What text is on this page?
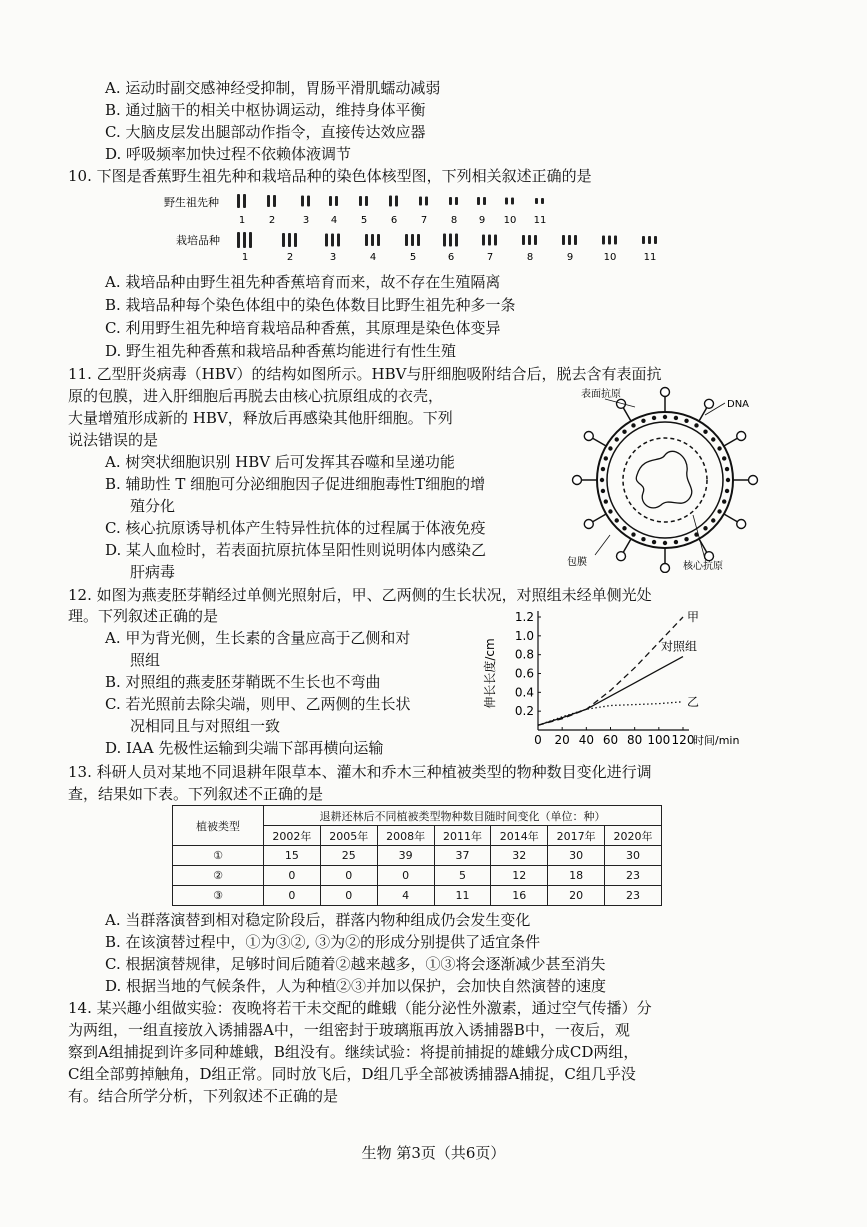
A. 运动时副交感神经受抑制，胃肠平滑肌蠕动减弱
B. 通过脑干的相关中枢协调运动，维持身体平衡
C. 大脑皮层发出腿部动作指令，直接传达效应器
D. 呼吸频率加快过程不依赖体液调节
10. 下图是香蕉野生祖先种和栽培品种的染色体核型图，下列相关叙述正确的是
野生祖先种
栽培品种
1 2	3 4 5 6 7 8 9 10 11
1	2	3	4	5	6	7	8	9	10	11
A. 栽培品种由野生祖先种香蕉培育而来，故不存在生殖隔离
B. 栽培品种每个染色体组中的染色体数目比野生祖先种多一条
C. 利用野生祖先种培育栽培品种香蕉，其原理是染色体变异
D. 野生祖先种香蕉和栽培品种香蕉均能进行有性生殖
11. 乙型肝炎病毒（HBV）的结构如图所示。HBV与肝细胞吸附结合后，脱去含有表面抗
原的包膜，进入肝细胞后再脱去由核心抗原组成的衣壳，
大量增殖形成新的 HBV，释放后再感染其他肝细胞。下列
说法错误的是
A. 树突状细胞识别 HBV 后可发挥其吞噬和呈递功能
B. 辅助性 T 细胞可分泌细胞因子促进细胞毒性T细胞的增
殖分化
C. 核心抗原诱导机体产生特异性抗体的过程属于体液免疫
D. 某人血检时，若表面抗原抗体呈阳性则说明体内感染乙
肝病毒
表面抗原
DNA
包膜	核心抗原
12. 如图为燕麦胚芽鞘经过单侧光照射后，甲、乙两侧的生长状况，对照组未经单侧光处
理。下列叙述正确的是
A. 甲为背光侧，生长素的含量应高于乙侧和对
照组
B. 对照组的燕麦胚芽鞘既不生长也不弯曲
C. 若光照前去除尖端，则甲、乙两侧的生长状
况相同且与对照组一致
D. IAA 先极性运输到尖端下部再横向运输	0 20 40 60 80 100 120
0.2
0.4
0.6
0.8
1.0
1.2	甲
对照组
乙
伸长长度/cm
时间/min
13. 科研人员对某地不同退耕年限草本、灌木和乔木三种植被类型的物种数目变化进行调
查，结果如下表。下列叙述不正确的是
植被类型	退耕还林后不同植被类型物种数目随时间变化（单位：种）						
	2002年	2005年	2008年	2011年	2014年	2017年	2020年
①	15	25	39	37	32	30	30
②	0	0	0	5	12	18	23
③	0	0	4	11	16	20	23
A. 当群落演替到相对稳定阶段后，群落内物种组成仍会发生变化
B. 在该演替过程中，①为③②, ③为②的形成分别提供了适宜条件
C. 根据演替规律，足够时间后随着②越来越多，①③将会逐渐减少甚至消失
D. 根据当地的气候条件，人为种植②③并加以保护，会加快自然演替的速度
14. 某兴趣小组做实验：夜晚将若干未交配的雌蛾（能分泌性外激素，通过空气传播）分
为两组，一组直接放入诱捕器A中，一组密封于玻璃瓶再放入诱捕器B中，一夜后，观
察到A组捕捉到许多同种雄蛾，B组没有。继续试验：将提前捕捉的雄蛾分成CD两组，
C组全部剪掉触角，D组正常。同时放飞后，D组几乎全部被诱捕器A捕捉，C组几乎没
有。结合所学分析，下列叙述不正确的是
生物 第3页（共6页）
